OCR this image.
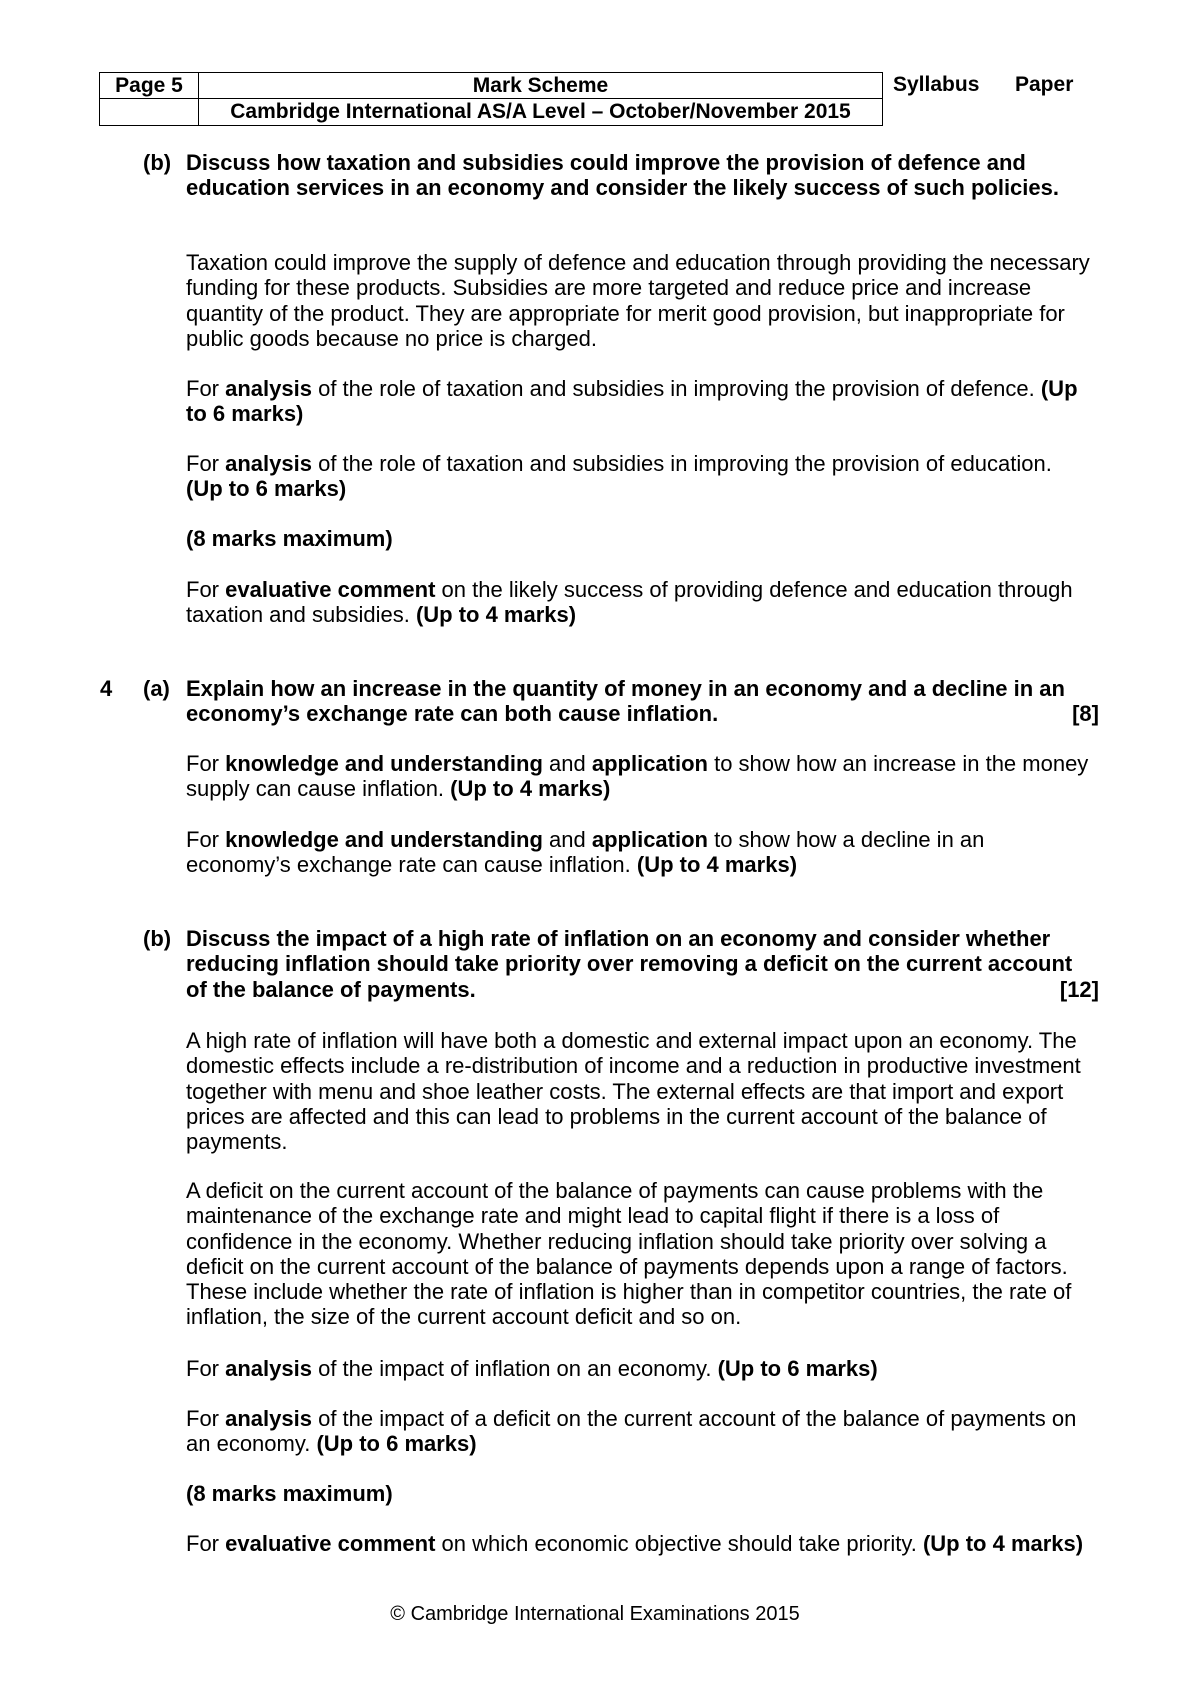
Page 5	Mark Scheme
Cambridge International AS/A Level – October/November 2015
Syllabus Paper
(b) Discuss how taxation and subsidies could improve the provision of defence and
education services in an economy and consider the likely success of such policies.
Taxation could improve the supply of defence and education through providing the necessary
funding for these products. Subsidies are more targeted and reduce price and increase
quantity of the product. They are appropriate for merit good provision, but inappropriate for
public goods because no price is charged.
For analysis of the role of taxation and subsidies in improving the provision of defence. (Up
to 6 marks)
For analysis of the role of taxation and subsidies in improving the provision of education.
(Up to 6 marks)
(8 marks maximum)
For evaluative comment on the likely success of providing defence and education through
taxation and subsidies. (Up to 4 marks)
4 (a) Explain how an increase in the quantity of money in an economy and a decline in an
economy’s exchange rate can both cause inflation.	[8]
For knowledge and understanding and application to show how an increase in the money
supply can cause inflation. (Up to 4 marks)
For knowledge and understanding and application to show how a decline in an
economy’s exchange rate can cause inflation. (Up to 4 marks)
(b) Discuss the impact of a high rate of inflation on an economy and consider whether
reducing inflation should take priority over removing a deficit on the current account
of the balance of payments.	[12]
A high rate of inflation will have both a domestic and external impact upon an economy. The
domestic effects include a re-distribution of income and a reduction in productive investment
together with menu and shoe leather costs. The external effects are that import and export
prices are affected and this can lead to problems in the current account of the balance of
payments.
A deficit on the current account of the balance of payments can cause problems with the
maintenance of the exchange rate and might lead to capital flight if there is a loss of
confidence in the economy. Whether reducing inflation should take priority over solving a
deficit on the current account of the balance of payments depends upon a range of factors.
These include whether the rate of inflation is higher than in competitor countries, the rate of
inflation, the size of the current account deficit and so on.
For analysis of the impact of inflation on an economy. (Up to 6 marks)
For analysis of the impact of a deficit on the current account of the balance of payments on
an economy. (Up to 6 marks)
(8 marks maximum)
For evaluative comment on which economic objective should take priority. (Up to 4 marks)
© Cambridge International Examinations 2015
